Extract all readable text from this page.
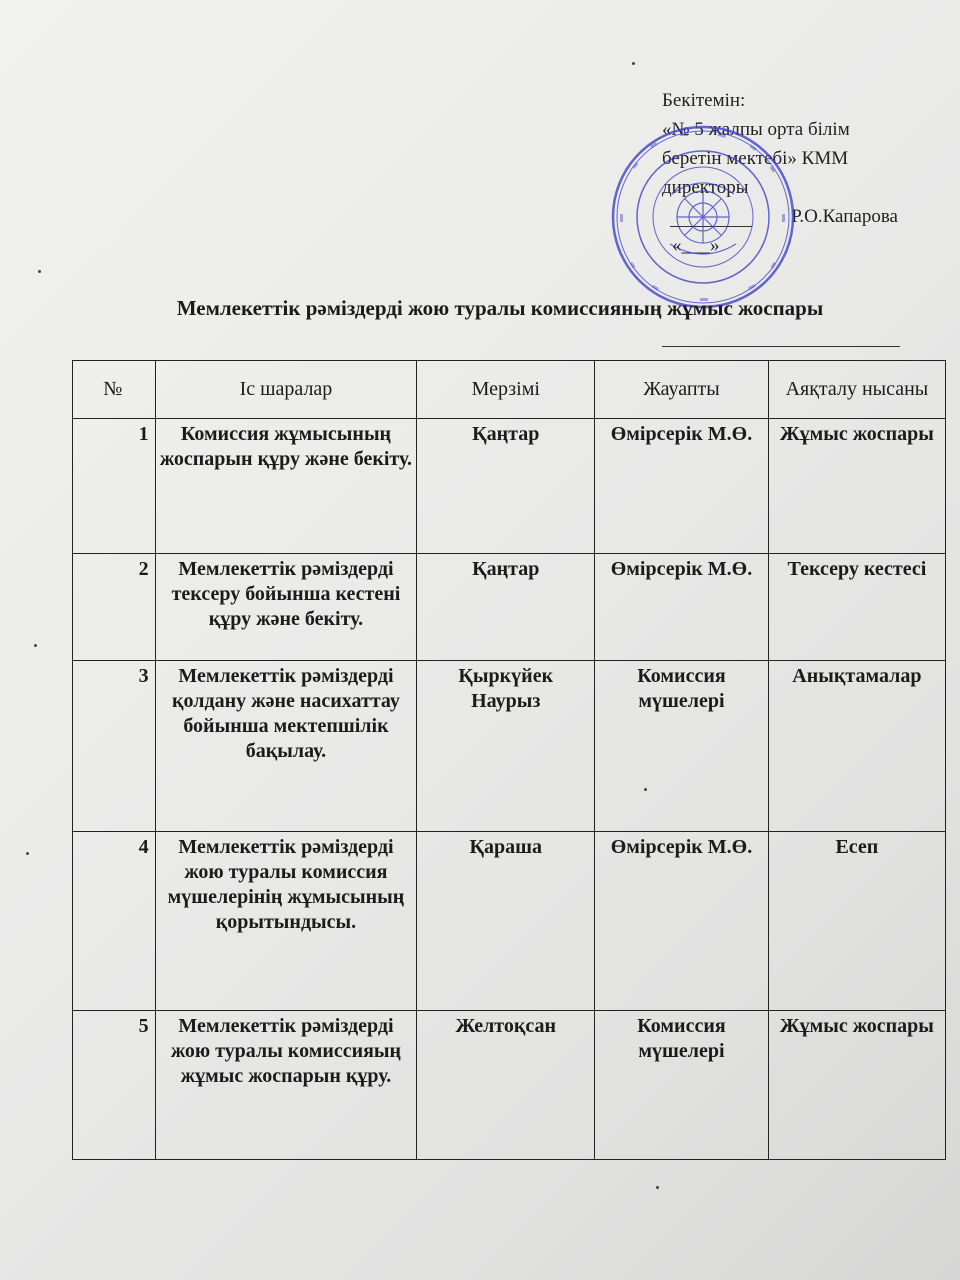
Бекітемін:
«№ 5 жалпы орта білім
беретін мектебі» КММ
директоры
Р.О.Капарова
«___»
Мемлекеттік рәміздерді жою туралы комиссияның жұмыс жоспары
№	Іс шаралар	Мерзімі	Жауапты	Аяқталу нысаны
1	Комиссия жұмысының жоспарын құру және бекіту.	Қаңтар	Өмірсерік М.Ө.	Жұмыс жоспары
2	Мемлекеттік рәміздерді тексеру бойынша кестені құру және бекіту.	Қаңтар	Өмірсерік М.Ө.	Тексеру кестесі
3	Мемлекеттік рәміздерді қолдану және насихаттау бойынша мектепшілік бақылау.	Қыркүйек Наурыз	Комиссия мүшелері	Анықтамалар
4	Мемлекеттік рәміздерді жою туралы комиссия мүшелерінің жұмысының қорытындысы.	Қараша	Өмірсерік М.Ө.	Есеп
5	Мемлекеттік рәміздерді жою туралы комиссияың жұмыс жоспарын құру.	Желтоқсан	Комиссия мүшелері	Жұмыс жоспары
